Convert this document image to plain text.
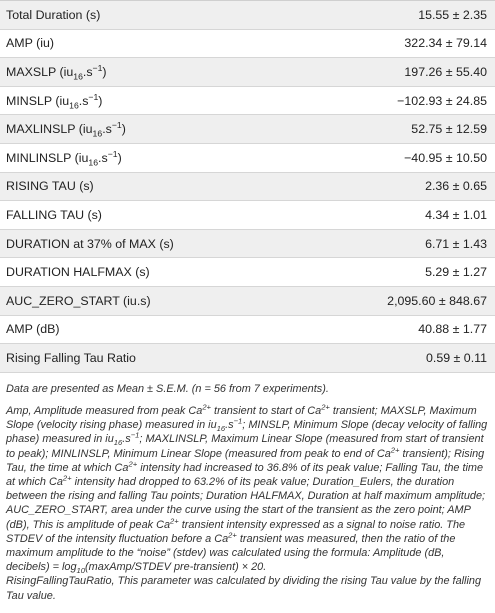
Total Duration (s)	15.55 ± 2.35
AMP (iu)	322.34 ± 79.14
MAXSLP $(iu_{16}.s^{-1})$	197.26 ± 55.40
MINSLP $(iu_{16}.s^{-1})$	−102.93 ± 24.85
MAXLINSLP $(iu_{16}.s^{-1})$	52.75 ± 12.59
MINLINSLP $(iu_{16}.s^{-1})$	−40.95 ± 10.50
RISING TAU (s)	2.36 ± 0.65
FALLING TAU (s)	4.34 ± 1.01
DURATION at 37% of MAX (s)	6.71 ± 1.43
DURATION HALFMAX (s)	5.29 ± 1.27
AUC_ZERO_START (iu.s)	2,095.60 ± 848.67
AMP (dB)	40.88 ± 1.77
Rising Falling Tau Ratio	0.59 ± 0.11

Data are presented as Mean ± S.E.M. (n = 56 from 7 experiments).

Amp, Amplitude measured from peak $Ca^{2+}$ transient to start of $Ca^{2+}$ transient; MAXSLP, Maximum Slope (velocity rising phase) measured in $iu_{16}.s^{-1}$; MINSLP, Minimum Slope (decay velocity of falling phase) measured in $iu_{16}.s^{-1}$; MAXLINSLP, Maximum Linear Slope (measured from start of transient to peak); MINLINSLP, Minimum Linear Slope (measured from peak to end of $Ca^{2+}$ transient); Rising Tau, the time at which $Ca^{2+}$ intensity had increased to 36.8% of its peak value; Falling Tau, the time at which $Ca^{2+}$ intensity had dropped to 63.2% of its peak value; Duration_Eulers, the duration between the rising and falling Tau points; Duration HALFMAX, Duration at half maximum amplitude; AUC_ZERO_START, area under the curve using the start of the transient as the zero point; AMP (dB), This is amplitude of peak $Ca^{2+}$ transient intensity expressed as a signal to noise ratio. The STDEV of the intensity fluctuation before a $Ca^{2+}$ transient was measured, then the ratio of the maximum amplitude to the “noise” (stdev) was calculated using the formula: Amplitude (dB, decibels) = $\log_{10}(maxAmp$/STDEV pre-transient) × 20.
RisingFallingTauRatio, This parameter was calculated by dividing the rising Tau value by the falling Tau value.
